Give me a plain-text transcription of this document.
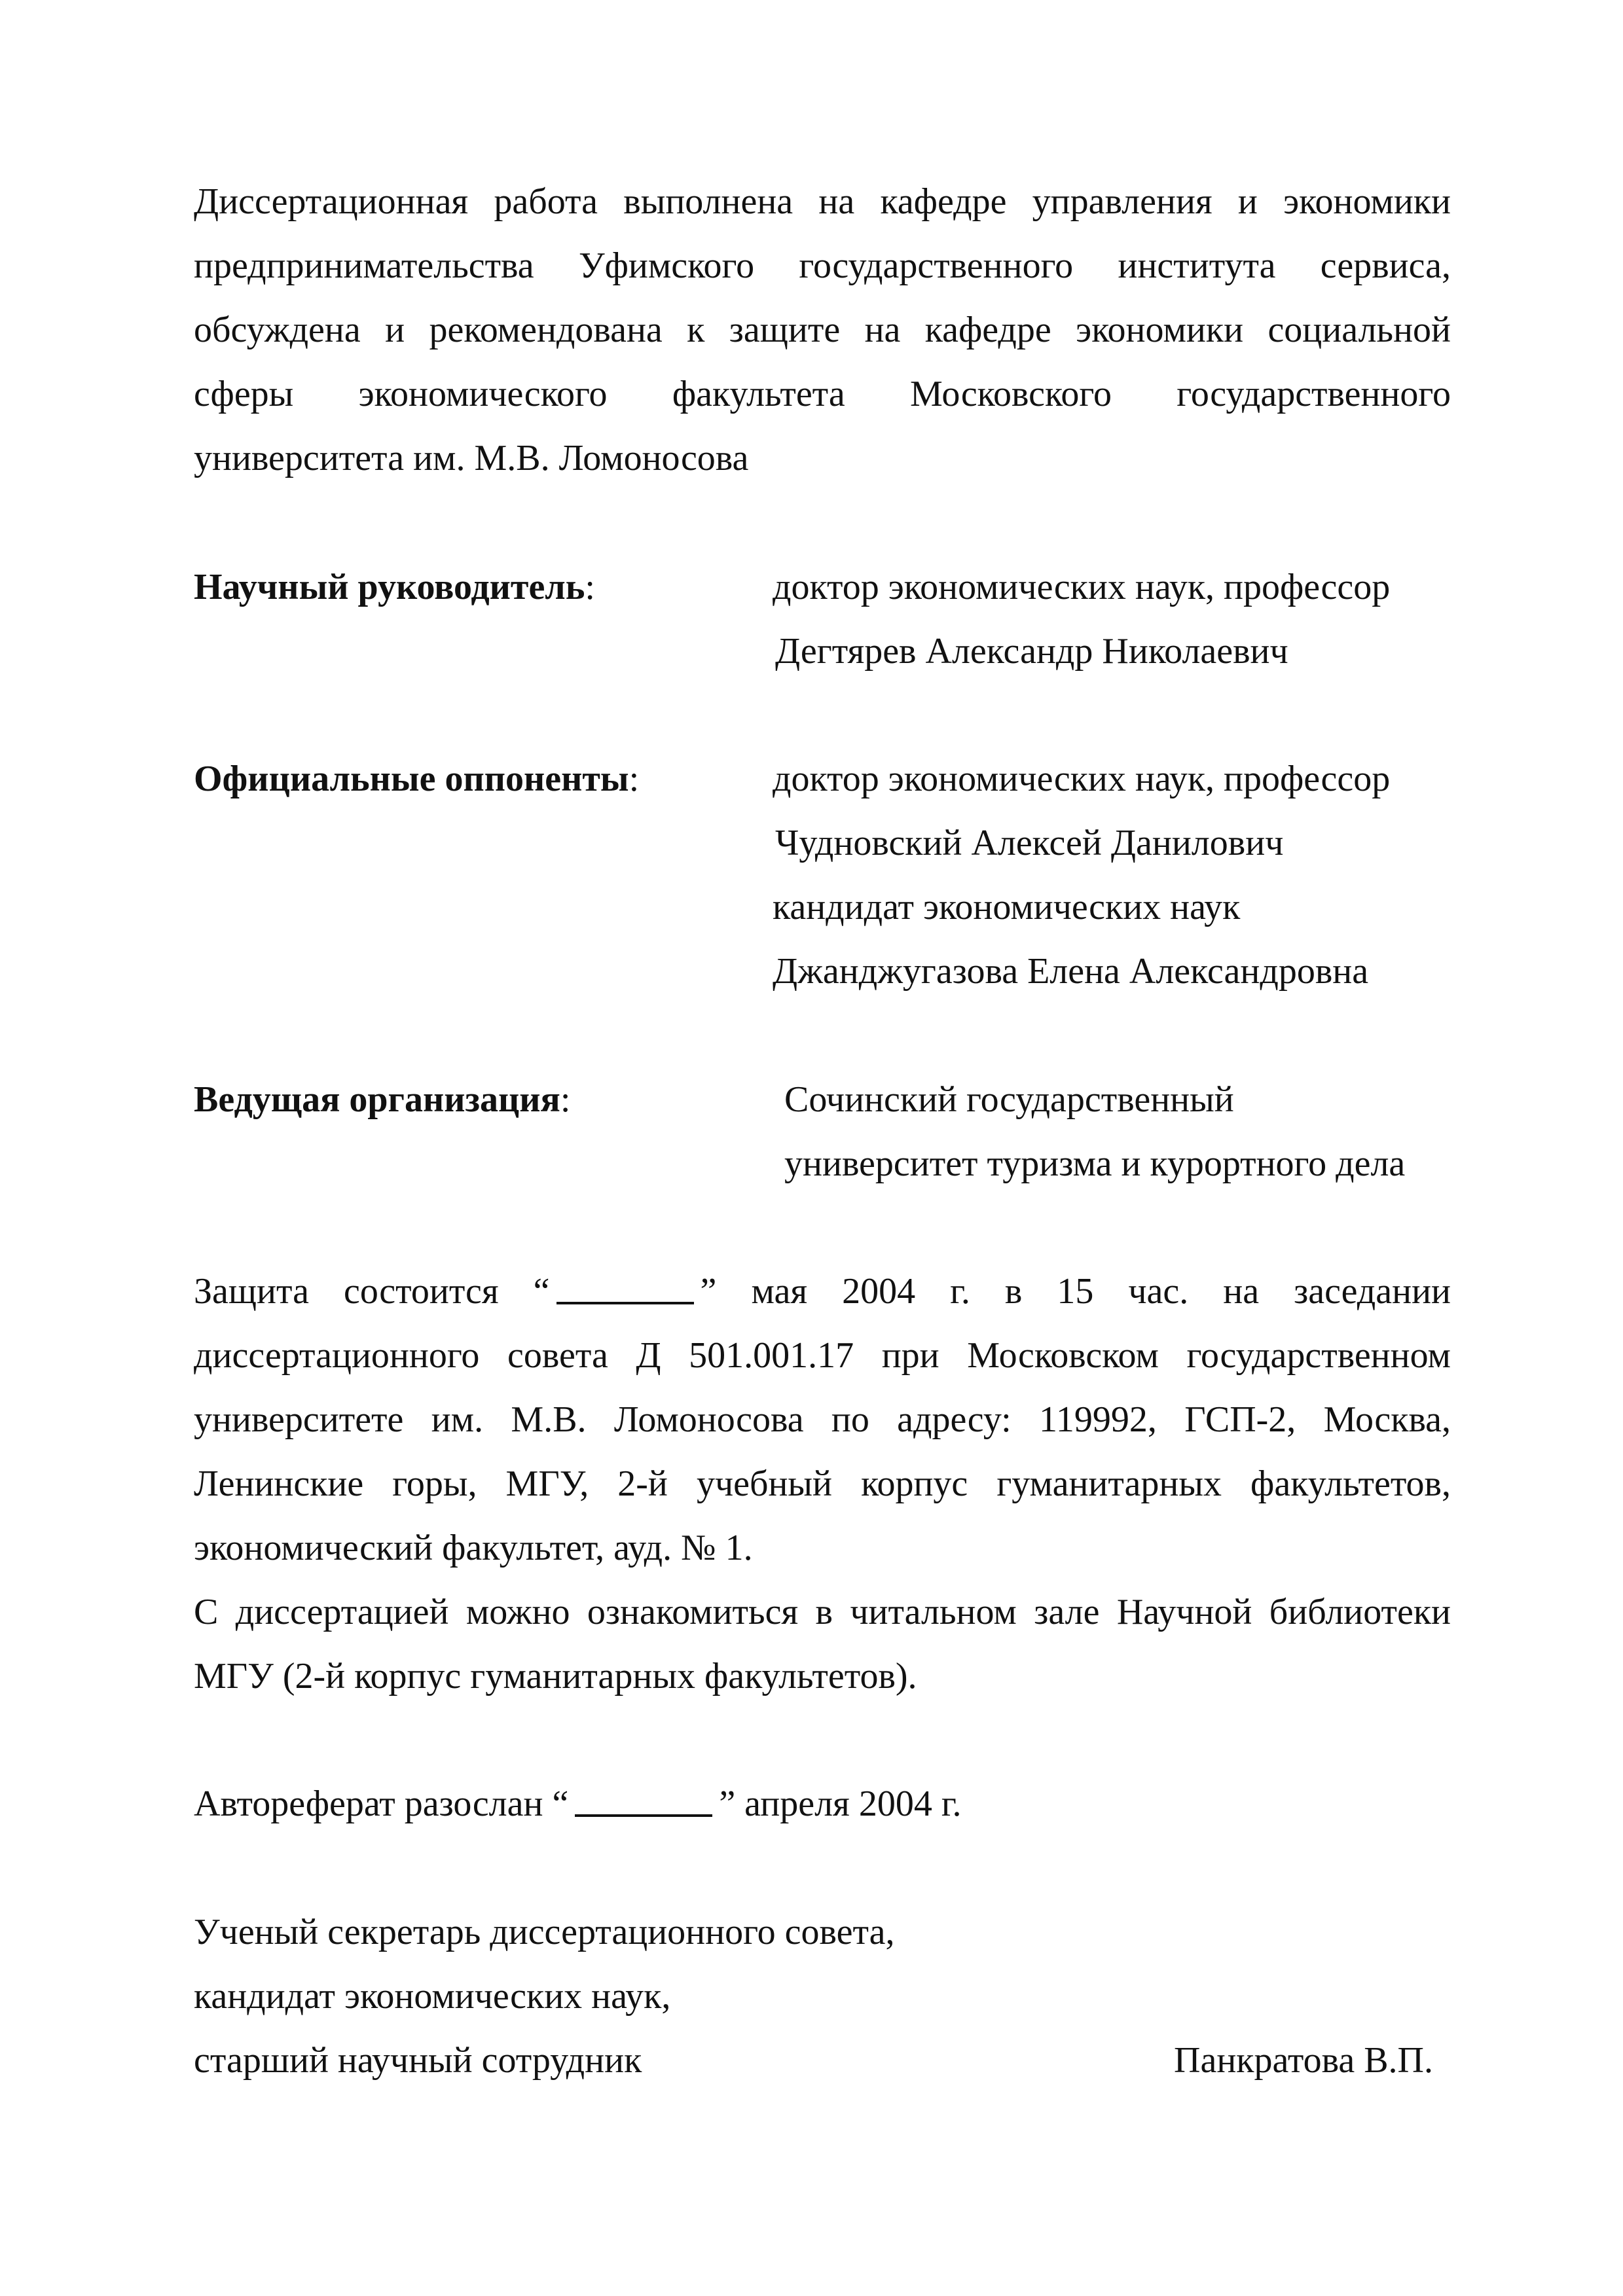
Диссертационная работа выполнена на кафедре управления и экономики
предпринимательства Уфимского государственного института сервиса,
обсуждена и рекомендована к защите на кафедре экономики социальной
сферы экономического факультета Московского государственного
университета им. М.В. Ломоносова
Научный руководитель:	доктор экономических наук, профессор
Дегтярев Александр Николаевич
Официальные оппоненты:	доктор экономических наук, профессор
Чудновский Алексей Данилович
кандидат экономических наук
Джанджугазова Елена Александровна
Ведущая организация:	Сочинский государственный
университет туризма и курортного дела
Защита состоится “	” мая 2004 г. в 15 час. на заседании
диссертационного совета Д 501.001.17 при Московском государственном
университете им. М.В. Ломоносова по адресу: 119992, ГСП-2, Москва,
Ленинские горы, МГУ, 2-й учебный корпус гуманитарных факультетов,
экономический факультет, ауд. № 1.
С диссертацией можно ознакомиться в читальном зале Научной библиотеки
МГУ (2-й корпус гуманитарных факультетов).
Автореферат разослан “	” апреля 2004 г.
Ученый секретарь диссертационного совета,
кандидат экономических наук,
старший научный сотрудник	Панкратова В.П.
